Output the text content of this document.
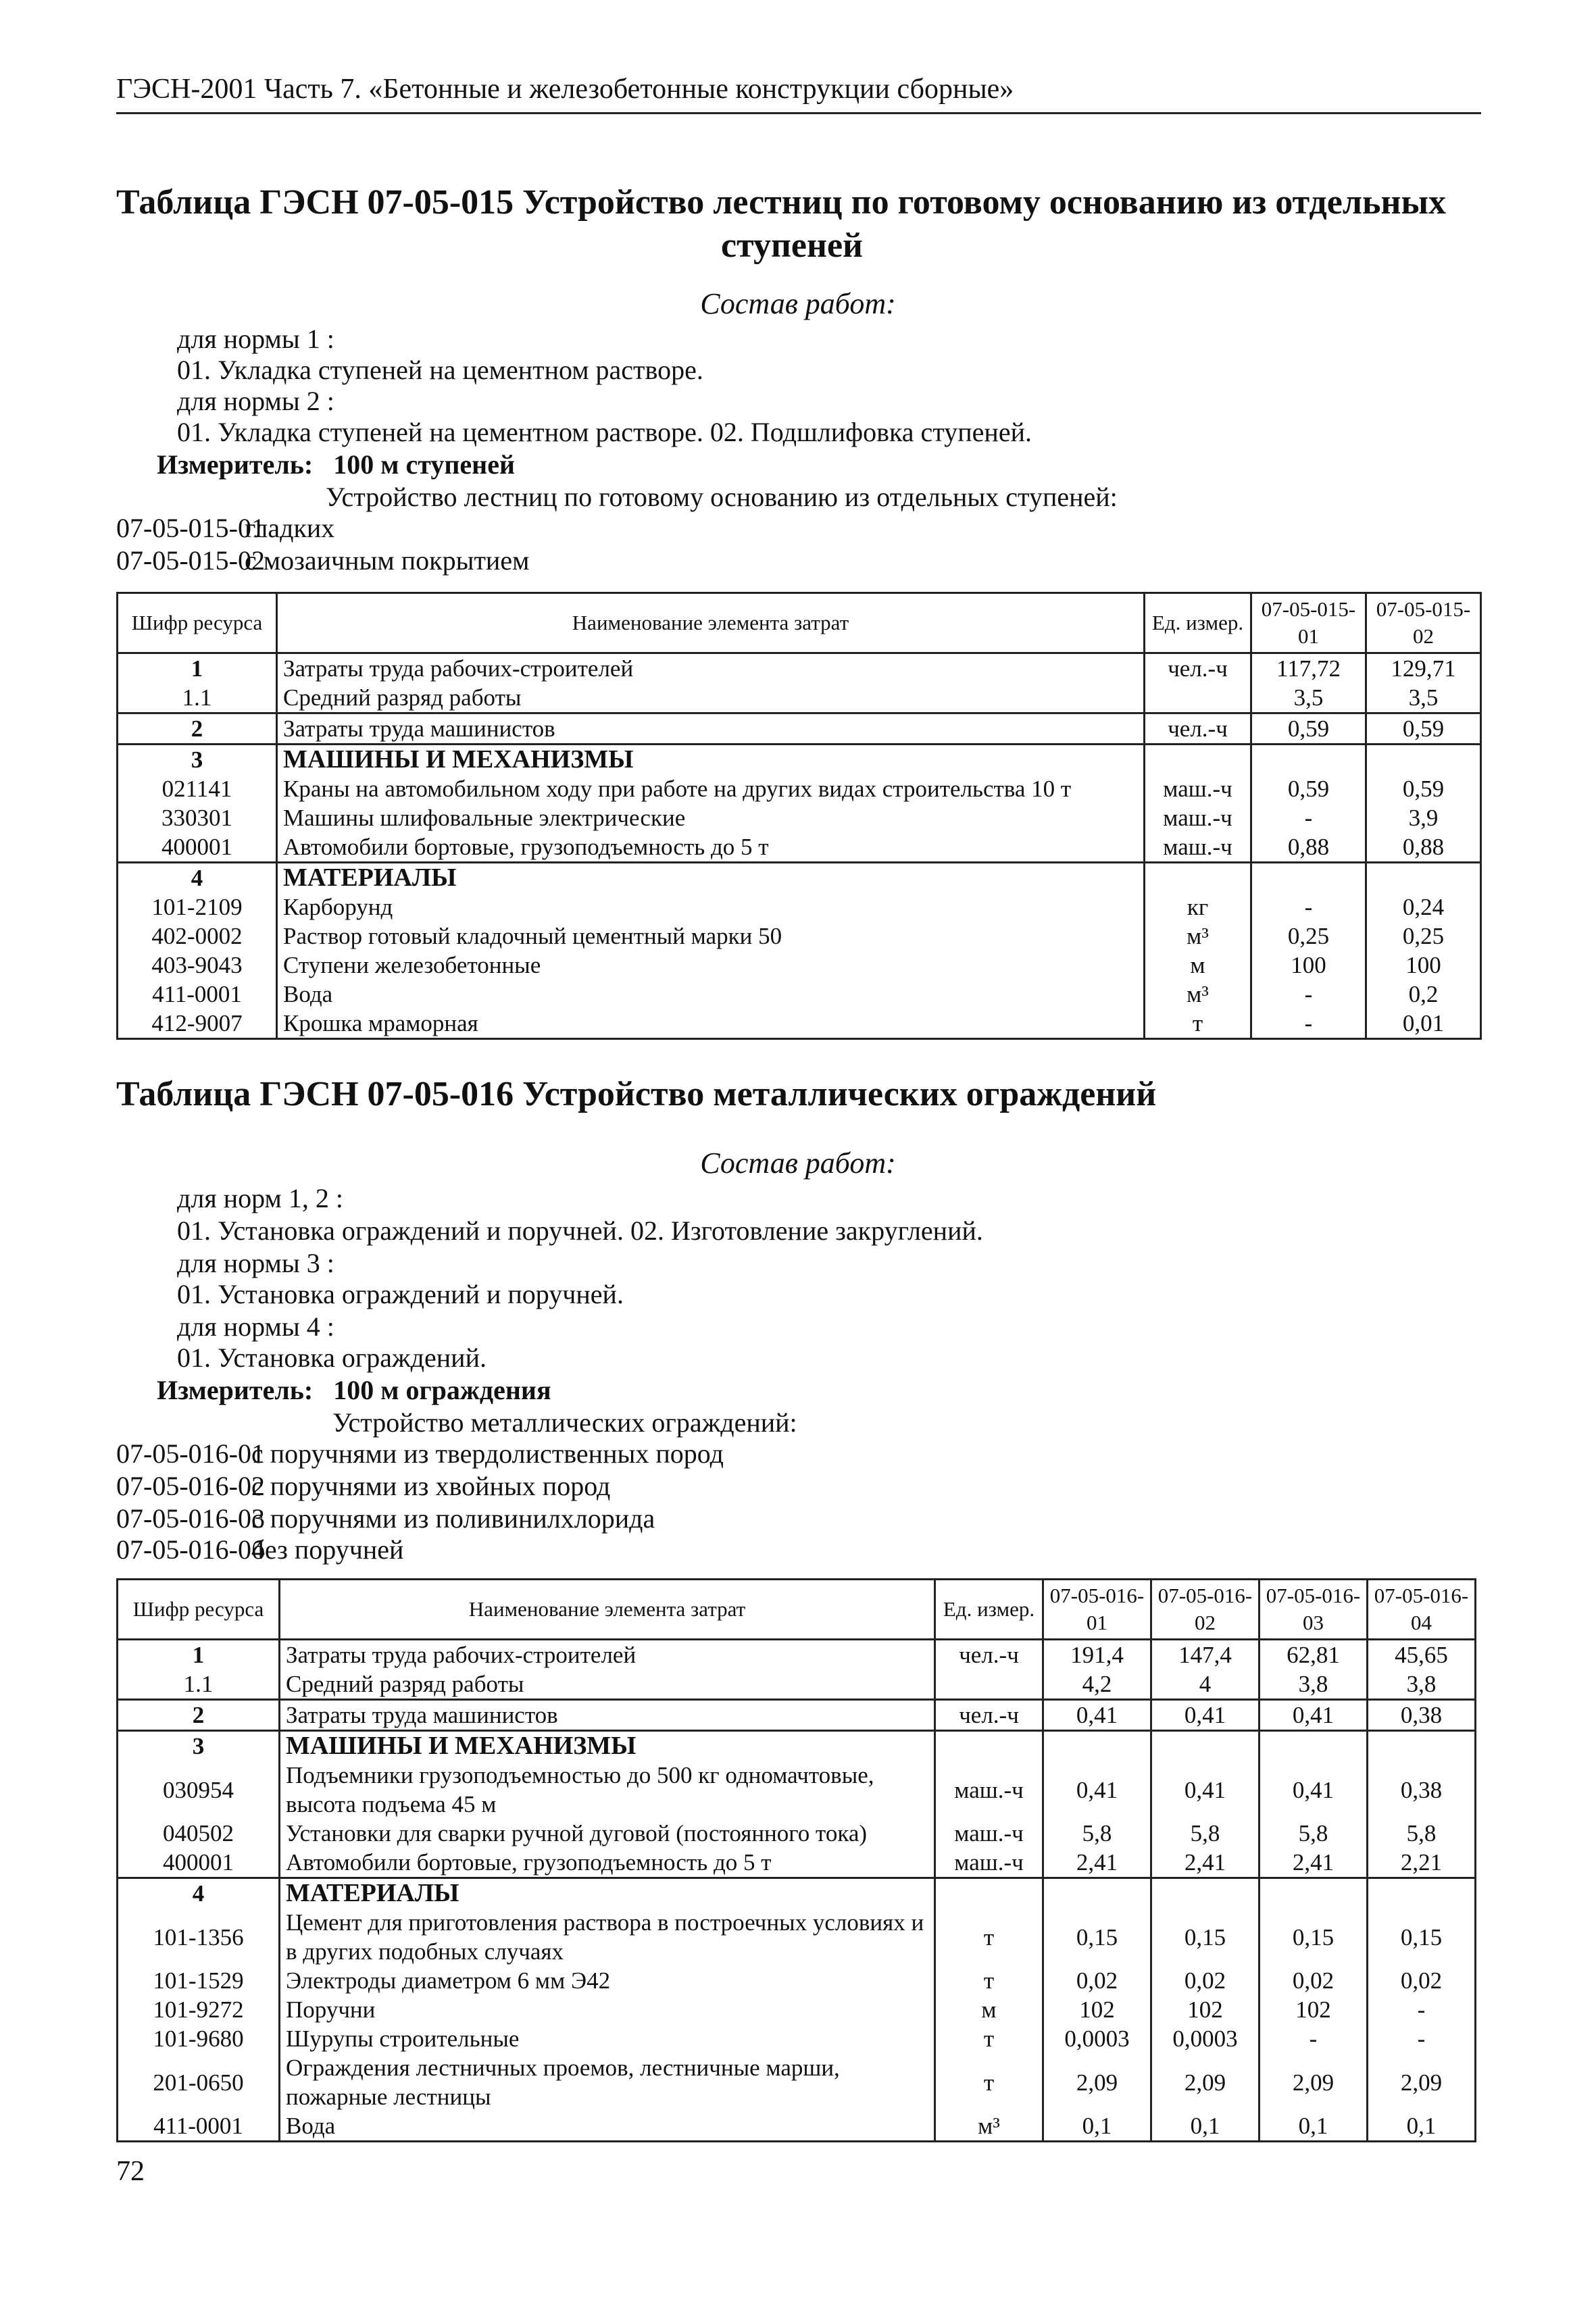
ГЭСН-2001 Часть 7. «Бетонные и железобетонные конструкции сборные»
Таблица ГЭСН 07-05-015 Устройство лестниц по готовому основанию из отдельных
ступеней
Состав работ:
для нормы 1 :
01. Укладка ступеней на цементном растворе.
для нормы 2 :
01. Укладка ступеней на цементном растворе. 02. Подшлифовка ступеней.
Измеритель: 100 м ступеней
Устройство лестниц по готовому основанию из отдельных ступеней:
07-05-015-01гладких
07-05-015-02с мозаичным покрытием
Шифр ресурса	Наименование элемента затрат	Ед. измер.	07-05-015-01	07-05-015-02
1	Затраты труда рабочих-строителей	чел.-ч	117,72	129,71
1.1	Средний разряд работы		3,5	3,5
2	Затраты труда машинистов	чел.-ч	0,59	0,59
3	МАШИНЫ И МЕХАНИЗМЫ			
021141	Краны на автомобильном ходу при работе на других видах строительства 10 т	маш.-ч	0,59	0,59
330301	Машины шлифовальные электрические	маш.-ч	-	3,9
400001	Автомобили бортовые, грузоподъемность до 5 т	маш.-ч	0,88	0,88
4	МАТЕРИАЛЫ			
101-2109	Карборунд	кг	-	0,24
402-0002	Раствор готовый кладочный цементный марки 50	м³	0,25	0,25
403-9043	Ступени железобетонные	м	100	100
411-0001	Вода	м³	-	0,2
412-9007	Крошка мраморная	т	-	0,01
Таблица ГЭСН 07-05-016 Устройство металлических ограждений
Состав работ:
для норм 1, 2 :
01. Установка ограждений и поручней. 02. Изготовление закруглений.
для нормы 3 :
01. Установка ограждений и поручней.
для нормы 4 :
01. Установка ограждений.
Измеритель: 100 м ограждения
Устройство металлических ограждений:
07-05-016-01с поручнями из твердолиственных пород
07-05-016-02с поручнями из хвойных пород
07-05-016-03с поручнями из поливинилхлорида
07-05-016-04без поручней
Шифр ресурса	Наименование элемента затрат	Ед. измер.	07-05-016-01	07-05-016-02	07-05-016-03	07-05-016-04
1	Затраты труда рабочих-строителей	чел.-ч	191,4	147,4	62,81	45,65
1.1	Средний разряд работы		4,2	4	3,8	3,8
2	Затраты труда машинистов	чел.-ч	0,41	0,41	0,41	0,38
3	МАШИНЫ И МЕХАНИЗМЫ					
030954	Подъемники грузоподъемностью до 500 кг одномачтовые, высота подъема 45 м	маш.-ч	0,41	0,41	0,41	0,38
040502	Установки для сварки ручной дуговой (постоянного тока)	маш.-ч	5,8	5,8	5,8	5,8
400001	Автомобили бортовые, грузоподъемность до 5 т	маш.-ч	2,41	2,41	2,41	2,21
4	МАТЕРИАЛЫ					
101-1356	Цемент для приготовления раствора в построечных условиях и в других подобных случаях	т	0,15	0,15	0,15	0,15
101-1529	Электроды диаметром 6 мм Э42	т	0,02	0,02	0,02	0,02
101-9272	Поручни	м	102	102	102	-
101-9680	Шурупы строительные	т	0,0003	0,0003	-	-
201-0650	Ограждения лестничных проемов, лестничные марши, пожарные лестницы	т	2,09	2,09	2,09	2,09
411-0001	Вода	м³	0,1	0,1	0,1	0,1
72
